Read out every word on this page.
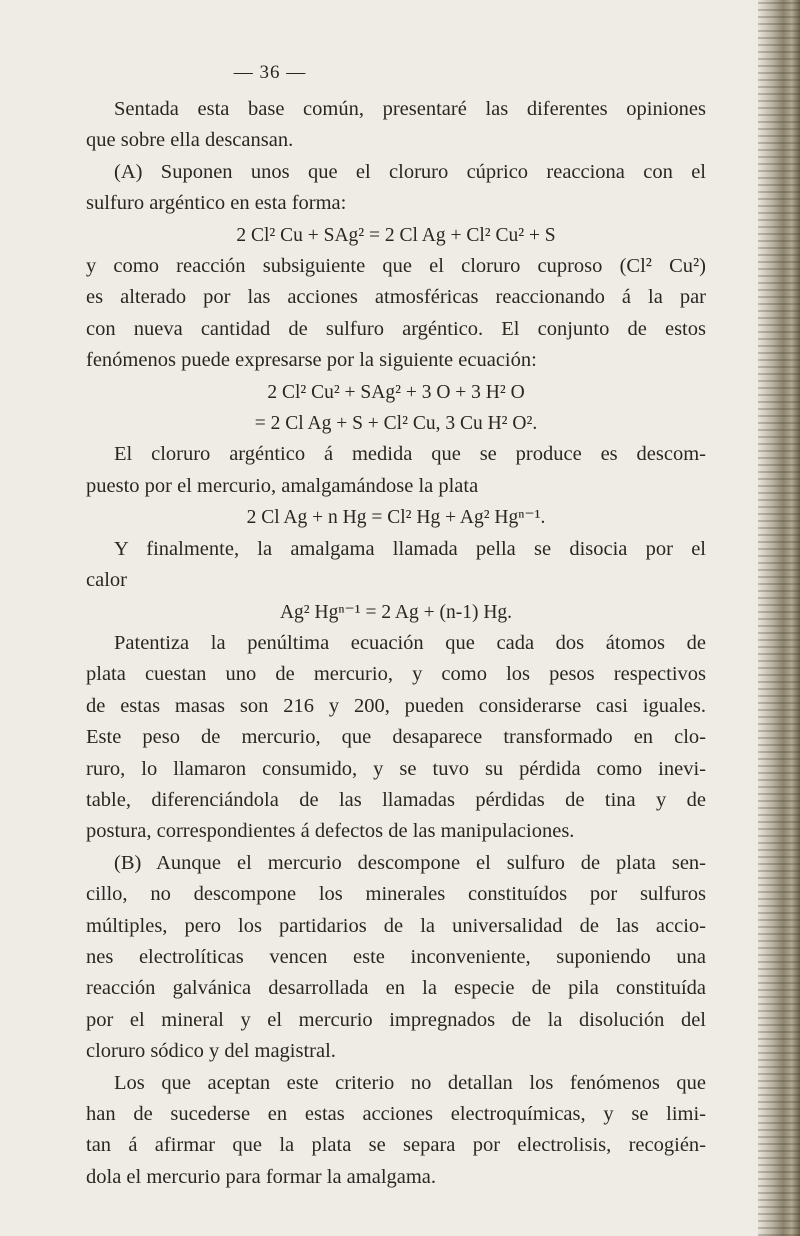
— 36 —
Sentada esta base común, presentaré las diferentes opiniones
que sobre ella descansan.
(A) Suponen unos que el cloruro cúprico reacciona con el
sulfuro argéntico en esta forma:
2 Cl² Cu + SAg² = 2 Cl Ag + Cl² Cu² + S
y como reacción subsiguiente que el cloruro cuproso (Cl² Cu²)
es alterado por las acciones atmosféricas reaccionando á la par
con nueva cantidad de sulfuro argéntico. El conjunto de estos
fenómenos puede expresarse por la siguiente ecuación:
2 Cl² Cu² + SAg² + 3 O + 3 H² O
= 2 Cl Ag + S + Cl² Cu, 3 Cu H² O².
El cloruro argéntico á medida que se produce es descom-
puesto por el mercurio, amalgamándose la plata
2 Cl Ag + n Hg = Cl² Hg + Ag² Hgⁿ⁻¹.
Y finalmente, la amalgama llamada pella se disocia por el
calor
Ag² Hgⁿ⁻¹ = 2 Ag + (n-1) Hg.
Patentiza la penúltima ecuación que cada dos átomos de
plata cuestan uno de mercurio, y como los pesos respectivos
de estas masas son 216 y 200, pueden considerarse casi iguales.
Este peso de mercurio, que desaparece transformado en clo-
ruro, lo llamaron consumido, y se tuvo su pérdida como inevi-
table, diferenciándola de las llamadas pérdidas de tina y de
postura, correspondientes á defectos de las manipulaciones.
(B) Aunque el mercurio descompone el sulfuro de plata sen-
cillo, no descompone los minerales constituídos por sulfuros
múltiples, pero los partidarios de la universalidad de las accio-
nes electrolíticas vencen este inconveniente, suponiendo una
reacción galvánica desarrollada en la especie de pila constituída
por el mineral y el mercurio impregnados de la disolución del
cloruro sódico y del magistral.
Los que aceptan este criterio no detallan los fenómenos que
han de sucederse en estas acciones electroquímicas, y se limi-
tan á afirmar que la plata se separa por electrolisis, recogién-
dola el mercurio para formar la amalgama.
